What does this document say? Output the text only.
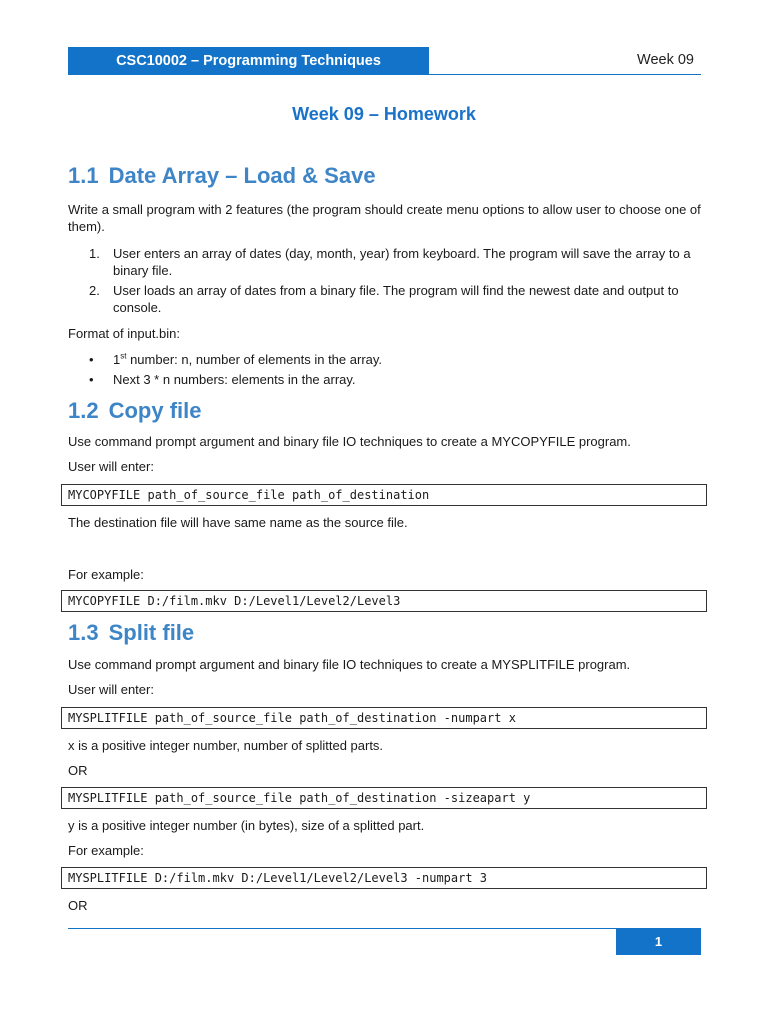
CSC10002 – Programming Techniques	Week 09
Week 09 – Homework
1.1 Date Array – Load & Save
Write a small program with 2 features (the program should create menu options to allow user to choose one of them).
1. User enters an array of dates (day, month, year) from keyboard. The program will save the array to a binary file.
2. User loads an array of dates from a binary file. The program will find the newest date and output to console.
Format of input.bin:
• 1st number: n, number of elements in the array.
• Next 3 * n numbers: elements in the array.
1.2 Copy file
Use command prompt argument and binary file IO techniques to create a MYCOPYFILE program.
User will enter:
MYCOPYFILE path_of_source_file path_of_destination
The destination file will have same name as the source file.
For example:
MYCOPYFILE D:/film.mkv D:/Level1/Level2/Level3
1.3 Split file
Use command prompt argument and binary file IO techniques to create a MYSPLITFILE program.
User will enter:
MYSPLITFILE path_of_source_file path_of_destination -numpart x
x is a positive integer number, number of splitted parts.
OR
MYSPLITFILE path_of_source_file path_of_destination -sizeapart y
y is a positive integer number (in bytes), size of a splitted part.
For example:
MYSPLITFILE D:/film.mkv D:/Level1/Level2/Level3 -numpart 3
OR
1
